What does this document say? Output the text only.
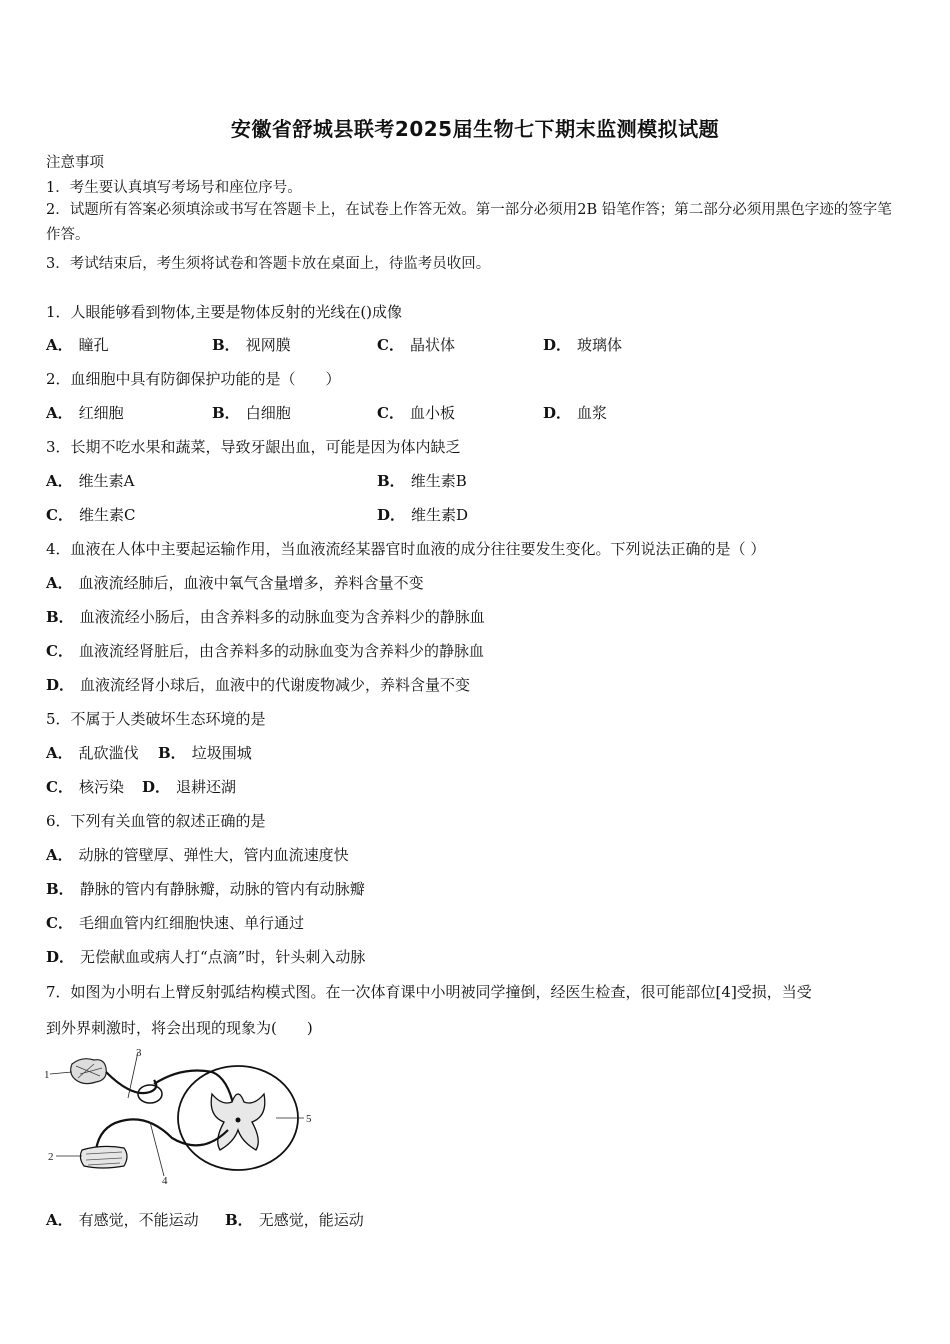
安徽省舒城县联考2025届生物七下期末监测模拟试题
注意事项
1．考生要认真填写考场号和座位序号。
2．试题所有答案必须填涂或书写在答题卡上，在试卷上作答无效。第一部分必须用2B 铅笔作答；第二部分必须用黑色字迹的签字笔作答。
3．考试结束后，考生须将试卷和答题卡放在桌面上，待监考员收回。
1．人眼能够看到物体,主要是物体反射的光线在()成像
A． 瞳孔	B． 视网膜	C． 晶状体	D． 玻璃体
2．血细胞中具有防御保护功能的是（　　）
A． 红细胞	B． 白细胞	C． 血小板	D． 血浆
3．长期不吃水果和蔬菜，导致牙龈出血，可能是因为体内缺乏
A． 维生素A	B． 维生素B
C． 维生素C	D． 维生素D
4．血液在人体中主要起运输作用，当血液流经某器官时血液的成分往往要发生变化。下列说法正确的是（ ）
A． 血液流经肺后，血液中氧气含量增多，养料含量不变
B． 血液流经小肠后，由含养料多的动脉血变为含养料少的静脉血
C． 血液流经肾脏后，由含养料多的动脉血变为含养料少的静脉血
D． 血液流经肾小球后，血液中的代谢废物减少，养料含量不变
5．不属于人类破坏生态环境的是
A． 乱砍滥伐 B． 垃圾围城
C． 核污染 D． 退耕还湖
6．下列有关血管的叙述正确的是
A． 动脉的管壁厚、弹性大，管内血流速度快
B． 静脉的管内有静脉瓣，动脉的管内有动脉瓣
C． 毛细血管内红细胞快速、单行通过
D． 无偿献血或病人打“点滴”时，针头刺入动脉
7．如图为小明右上臂反射弧结构模式图。在一次体育课中小明被同学撞倒，经医生检查，很可能部位[4]受损，当受
到外界刺激时，将会出现的现象为(　　)
1
3
5
4
2
A． 有感觉，不能运动 B． 无感觉，能运动
